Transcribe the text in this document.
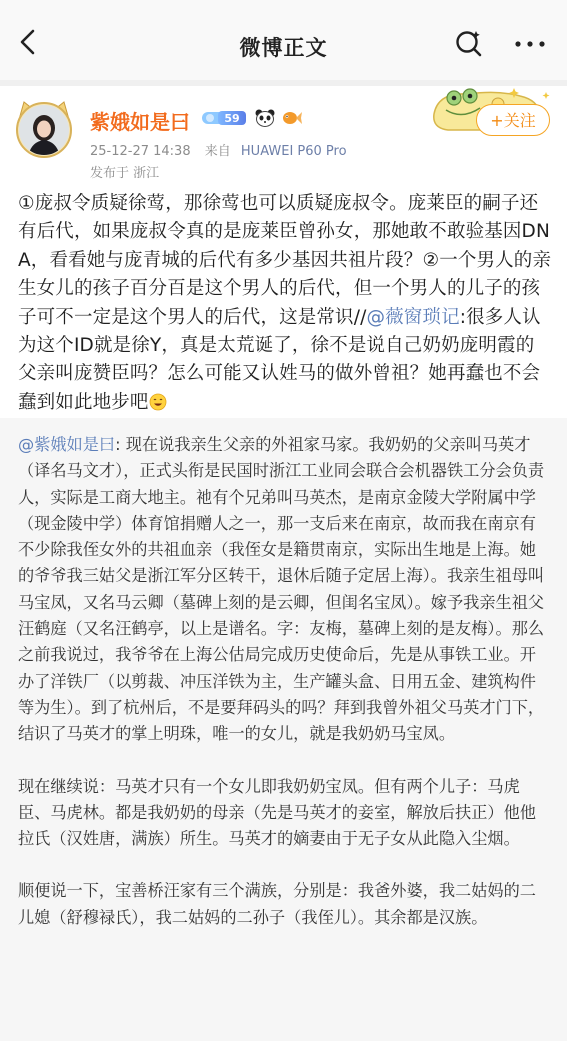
微博正文
紫娥如是曰	59
25-12-27 14:38 来自 HUAWEI P60 Pro
发布于 浙江
+关注
①庞叔令质疑徐莺，那徐莺也可以质疑庞叔令。庞莱臣的嗣子还有后代，如果庞叔令真的是庞莱臣曾孙女，那她敢不敢验基因DNA，看看她与庞青城的后代有多少基因共祖片段？②一个男人的亲生女儿的孩子百分百是这个男人的后代，但一个男人的儿子的孩子可不一定是这个男人的后代，这是常识//@薇窗琐记:很多人认为这个ID就是徐Y，真是太荒诞了，徐不是说自己奶奶庞明霞的父亲叫庞赞臣吗？怎么可能又认姓马的做外曾祖？她再蠢也不会蠢到如此地步吧

@紫娥如是曰: 现在说我亲生父亲的外祖家马家。我奶奶的父亲叫马英才（译名马文才），正式头衔是民国时浙江工业同会联合会机器铁工分会负责人，实际是工商大地主。祂有个兄弟叫马英杰，是南京金陵大学附属中学（现金陵中学）体育馆捐赠人之一，那一支后来在南京，故而我在南京有不少除我侄女外的共祖血亲（我侄女是籍贯南京，实际出生地是上海。她的爷爷我三姑父是浙江军分区转干，退休后随子定居上海）。我亲生祖母叫马宝凤，又名马云卿（墓碑上刻的是云卿，但闺名宝凤）。嫁予我亲生祖父汪鹤庭（又名汪鹤亭，以上是谱名。字：友梅，墓碑上刻的是友梅）。那么之前我说过，我爷爷在上海公估局完成历史使命后，先是从事铁工业。开办了洋铁厂（以剪裁、冲压洋铁为主，生产罐头盒、日用五金、建筑构件等为生）。到了杭州后，不是要拜码头的吗？拜到我曾外祖父马英才门下，结识了马英才的掌上明珠，唯一的女儿，就是我奶奶马宝凤。

现在继续说：马英才只有一个女儿即我奶奶宝凤。但有两个儿子：马虎臣、马虎林。都是我奶奶的母亲（先是马英才的妾室，解放后扶正）他他拉氏（汉姓唐，满族）所生。马英才的嫡妻由于无子女从此隐入尘烟。

顺便说一下，宝善桥汪家有三个满族，分别是：我爸外婆，我二姑妈的二儿媳（舒穆禄氏），我二姑妈的二孙子（我侄儿）。其余都是汉族。
